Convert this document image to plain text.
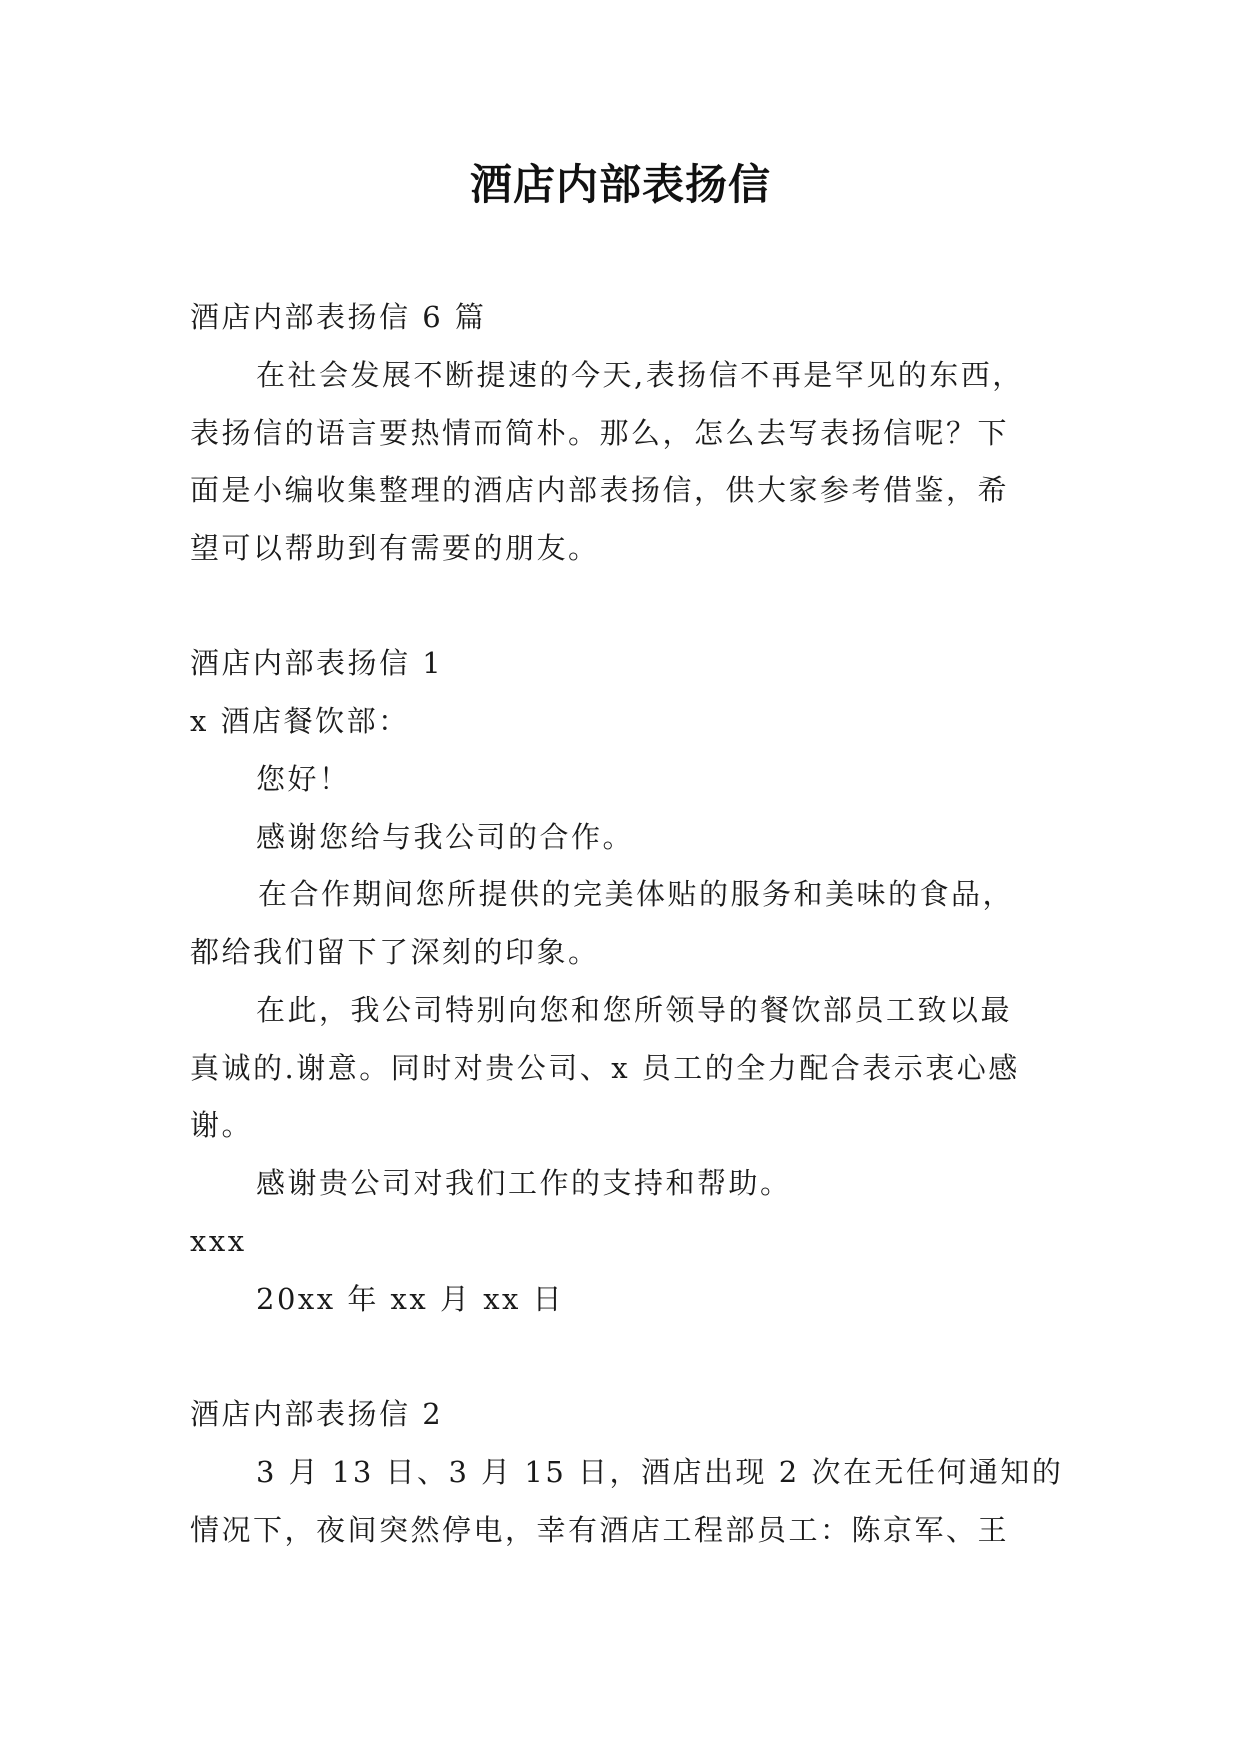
酒店内部表扬信
酒店内部表扬信 6 篇
在社会发展不断提速的今天,表扬信不再是罕见的东西，
表扬信的语言要热情而简朴。那么，怎么去写表扬信呢？下
面是小编收集整理的酒店内部表扬信，供大家参考借鉴，希
望可以帮助到有需要的朋友。
酒店内部表扬信 1
x 酒店餐饮部：
您好！
感谢您给与我公司的合作。
在合作期间您所提供的完美体贴的服务和美味的食品，
都给我们留下了深刻的印象。
在此，我公司特别向您和您所领导的餐饮部员工致以最
真诚的.谢意。同时对贵公司、x 员工的全力配合表示衷心感
谢。
感谢贵公司对我们工作的支持和帮助。
xxx
20xx 年 xx 月 xx 日
酒店内部表扬信 2
3 月 13 日、3 月 15 日，酒店出现 2 次在无任何通知的
情况下，夜间突然停电，幸有酒店工程部员工：陈京军、王
